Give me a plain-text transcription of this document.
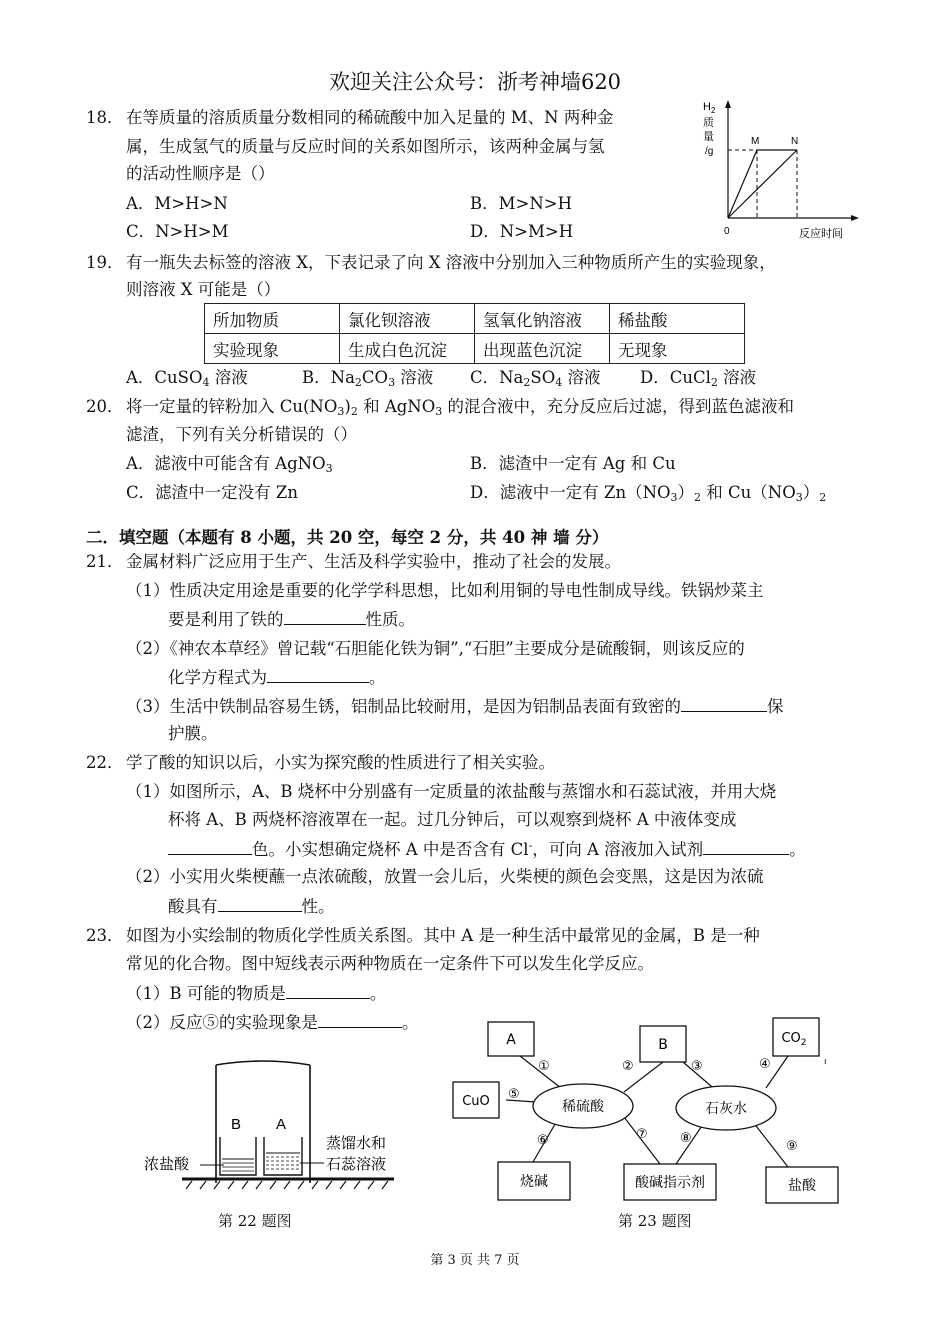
欢迎关注公众号：浙考神墙620
18． 在等质量的溶质质量分数相同的稀硫酸中加入足量的 M、N 两种金
属，生成氢气的质量与反应时间的关系如图所示，该两种金属与氢
的活动性顺序是（）
A．M>H>N	B．M>N>H
C．N>H>M	D．N>M>H
$H_2$
质
量
/g
M	N
0	反应时间
19． 有一瓶失去标签的溶液 X，下表记录了向 X 溶液中分别加入三种物质所产生的实验现象，
则溶液 X 可能是（）
所加物质	氯化钡溶液	氢氧化钠溶液	稀盐酸
实验现象	生成白色沉淀	出现蓝色沉淀	无现象
A．CuSO$_4$ 溶液	B．$Na_2CO_3$ 溶液 C．$Na_2SO_4$ 溶液 D．CuCl$_2$ 溶液
20． 将一定量的锌粉加入 $Cu(NO_3)_2$ 和 AgNO$_3$ 的混合液中，充分反应后过滤，得到蓝色滤液和
滤渣，下列有关分析错误的（）
A．滤液中可能含有 AgNO$_3$	B．滤渣中一定有 Ag 和 Cu
C．滤渣中一定没有 Zn	D．滤液中一定有 $Zn(NO_3)_2$ 和 $Cu(NO_3)_2$
二．填空题（本题有 8 小题，共 20 空，每空 2 分，共 40 神 墙 分）
21． 金属材料广泛应用于生产、生活及科学实验中，推动了社会的发展。
（1）性质决定用途是重要的化学学科思想，比如利用铜的导电性制成导线。铁锅炒菜主
要是利用了铁的	性质。
（2）《神农本草经》曾记载“石胆能化铁为铜”,“石胆”主要成分是硫酸铜，则该反应的
化学方程式为	。
（3）生活中铁制品容易生锈，铝制品比较耐用，是因为铝制品表面有致密的	保
护膜。
22． 学了酸的知识以后，小实为探究酸的性质进行了相关实验。
（1）如图所示，A、B 烧杯中分别盛有一定质量的浓盐酸与蒸馏水和石蕊试液，并用大烧
杯将 A、B 两烧杯溶液罩在一起。过几分钟后，可以观察到烧杯 A 中液体变成
色。小实想确定烧杯 A 中是否含有 Cl-，可向 A 溶液加入试剂	。
（2）小实用火柴梗蘸一点浓硫酸，放置一会儿后，火柴梗的颜色会变黑，这是因为浓硫
酸具有	性。
23． 如图为小实绘制的物质化学性质关系图。其中 A 是一种生活中最常见的金属，B 是一种
常见的化合物。图中短线表示两种物质在一定条件下可以发生化学反应。
（1）B 可能的物质是	。
（2）反应⑤的实验现象是	。
B A
浓盐酸
蒸馏水和
石蕊溶液
第 22 题图
A	B	$CO_2$
CuO	稀硫酸	石灰水
烧碱	酸碱指示剂	盐酸
①	②	③	④
⑤
⑥	⑦ ⑧
⑨
ı
第 23 题图
第 3 页 共 7 页
